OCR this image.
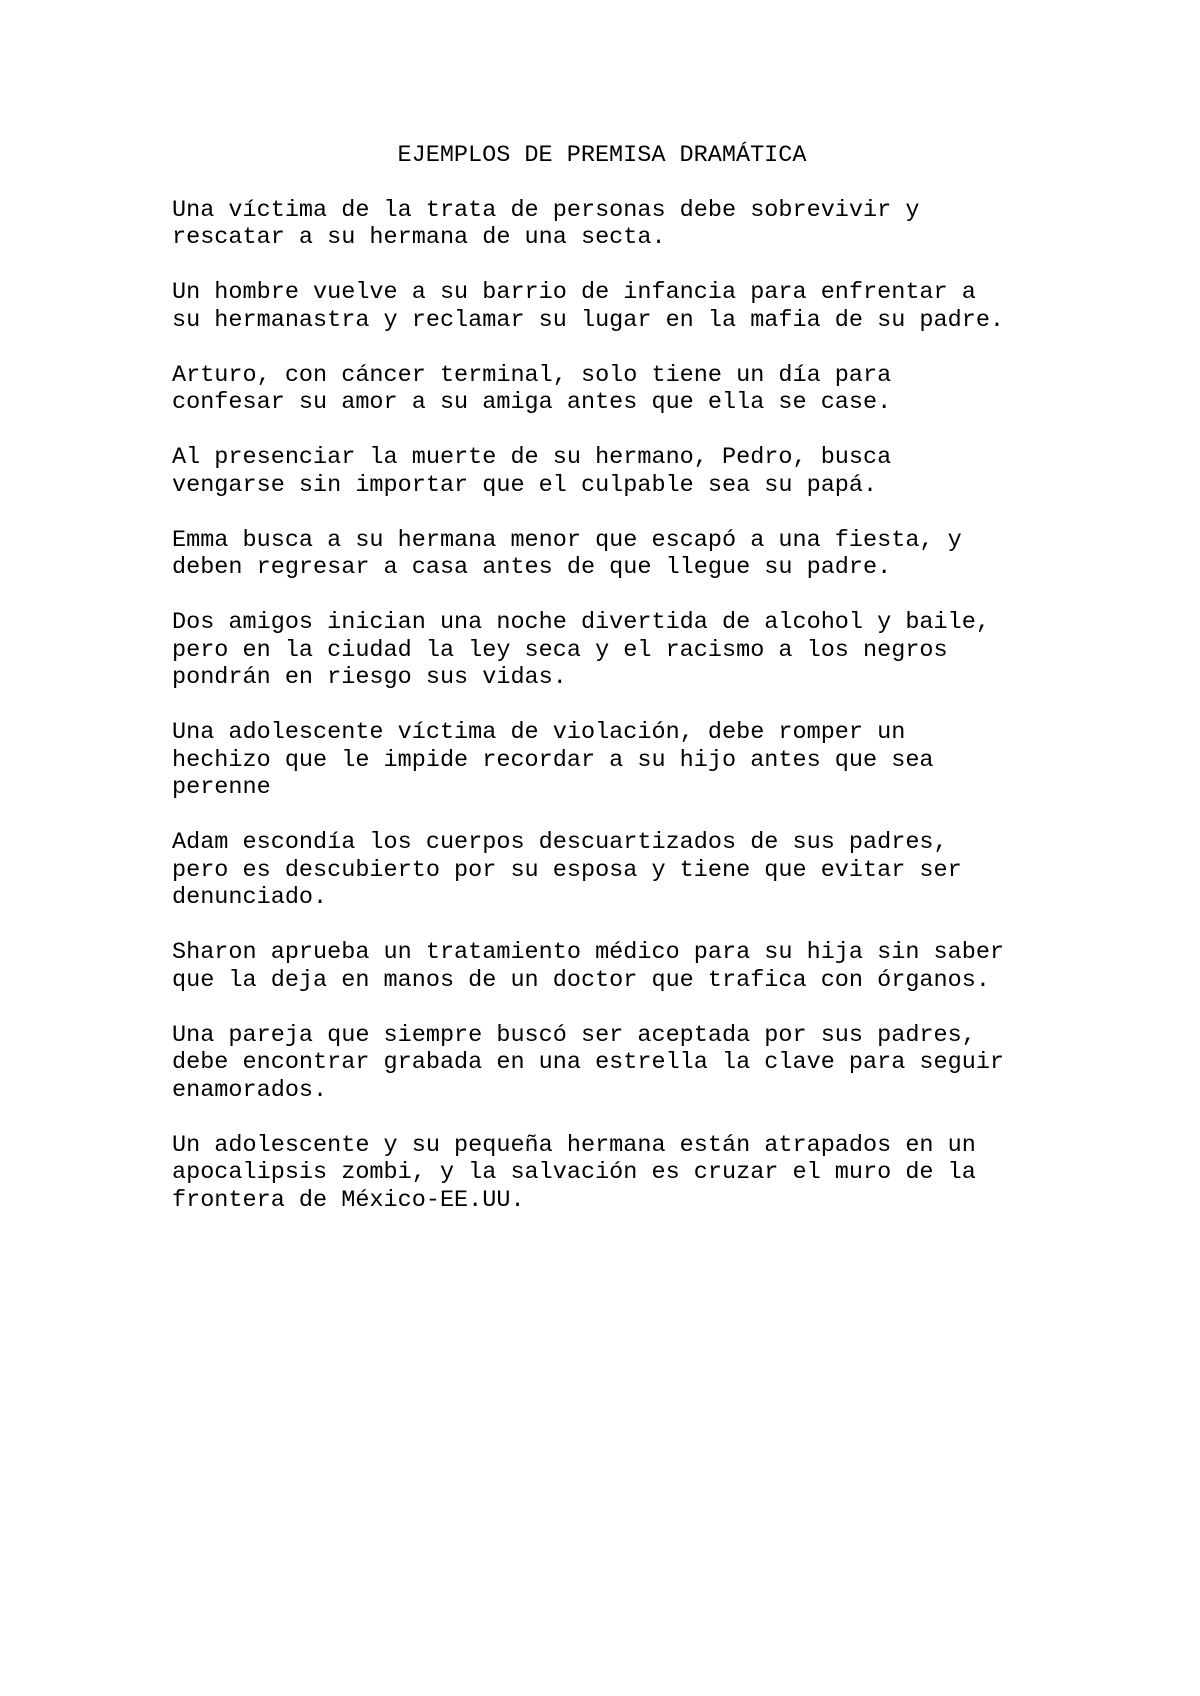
EJEMPLOS DE PREMISA DRAMÁTICA
Una víctima de la trata de personas debe sobrevivir y
rescatar a su hermana de una secta.
Un hombre vuelve a su barrio de infancia para enfrentar a
su hermanastra y reclamar su lugar en la mafia de su padre.
Arturo, con cáncer terminal, solo tiene un día para
confesar su amor a su amiga antes que ella se case.
Al presenciar la muerte de su hermano, Pedro, busca
vengarse sin importar que el culpable sea su papá.
Emma busca a su hermana menor que escapó a una fiesta, y
deben regresar a casa antes de que llegue su padre.
Dos amigos inician una noche divertida de alcohol y baile,
pero en la ciudad la ley seca y el racismo a los negros
pondrán en riesgo sus vidas.
Una adolescente víctima de violación, debe romper un
hechizo que le impide recordar a su hijo antes que sea
perenne
Adam escondía los cuerpos descuartizados de sus padres,
pero es descubierto por su esposa y tiene que evitar ser
denunciado.
Sharon aprueba un tratamiento médico para su hija sin saber
que la deja en manos de un doctor que trafica con órganos.
Una pareja que siempre buscó ser aceptada por sus padres,
debe encontrar grabada en una estrella la clave para seguir
enamorados.
Un adolescente y su pequeña hermana están atrapados en un
apocalipsis zombi, y la salvación es cruzar el muro de la
frontera de México-EE.UU.
